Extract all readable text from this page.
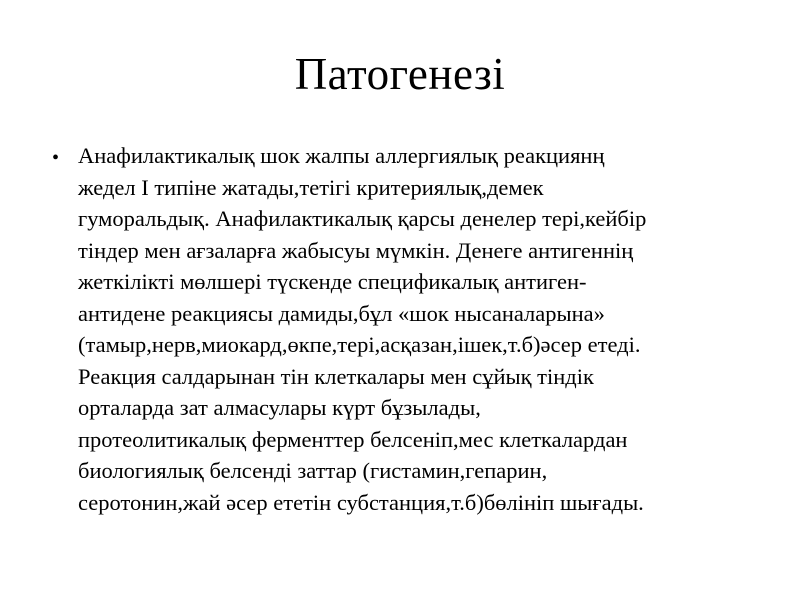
Патогенезі
• Анафилактикалық шок жалпы аллергиялық реакциянң
жедел I типіне жатады,тетігі критериялық,демек
гуморальдық. Анафилактикалық қарсы денелер тері,кейбір
тіндер мен ағзаларға жабысуы мүмкін. Денеге антигеннің
жеткілікті мөлшері түскенде спецификалық антиген-
антидене реакциясы дамиды,бұл «шок нысаналарына»
(тамыр,нерв,миокард,өкпе,тері,асқазан,ішек,т.б)әсер етеді.
Реакция салдарынан тін клеткалары мен сұйық тіндік
орталарда зат алмасулары күрт бұзылады,
протеолитикалық ферменттер белсеніп,мес клеткалардан
биологиялық белсенді заттар (гистамин,гепарин,
серотонин,жай әсер ететін субстанция,т.б)бөлініп шығады.
